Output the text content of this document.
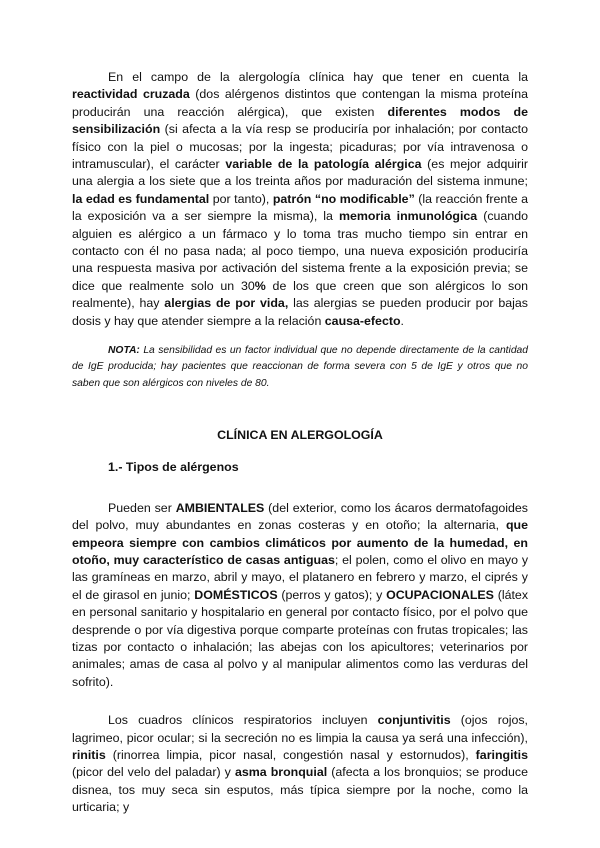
En el campo de la alergología clínica hay que tener en cuenta la reactividad cruzada (dos alérgenos distintos que contengan la misma proteína producirán una reacción alérgica), que existen diferentes modos de sensibilización (si afecta a la vía resp se produciría por inhalación; por contacto físico con la piel o mucosas; por la ingesta; picaduras; por vía intravenosa o intramuscular), el carácter variable de la patología alérgica (es mejor adquirir una alergia a los siete que a los treinta años por maduración del sistema inmune; la edad es fundamental por tanto), patrón “no modificable” (la reacción frente a la exposición va a ser siempre la misma), la memoria inmunológica (cuando alguien es alérgico a un fármaco y lo toma tras mucho tiempo sin entrar en contacto con él no pasa nada; al poco tiempo, una nueva exposición produciría una respuesta masiva por activación del sistema frente a la exposición previa; se dice que realmente solo un 30% de los que creen que son alérgicos lo son realmente), hay alergias de por vida, las alergias se pueden producir por bajas dosis y hay que atender siempre a la relación causa-efecto.

NOTA: La sensibilidad es un factor individual que no depende directamente de la cantidad de IgE producida; hay pacientes que reaccionan de forma severa con 5 de IgE y otros que no saben que son alérgicos con niveles de 80.

CLÍNICA EN ALERGOLOGÍA

1.- Tipos de alérgenos

Pueden ser AMBIENTALES (del exterior, como los ácaros dermatofagoides del polvo, muy abundantes en zonas costeras y en otoño; la alternaria, que empeora siempre con cambios climáticos por aumento de la humedad, en otoño, muy característico de casas antiguas; el polen, como el olivo en mayo y las gramíneas en marzo, abril y mayo, el platanero en febrero y marzo, el ciprés y el de girasol en junio; DOMÉSTICOS (perros y gatos); y OCUPACIONALES (látex en personal sanitario y hospitalario en general por contacto físico, por el polvo que desprende o por vía digestiva porque comparte proteínas con frutas tropicales; las tizas por contacto o inhalación; las abejas con los apicultores; veterinarios por animales; amas de casa al polvo y al manipular alimentos como las verduras del sofrito).

Los cuadros clínicos respiratorios incluyen conjuntivitis (ojos rojos, lagrimeo, picor ocular; si la secreción no es limpia la causa ya será una infección), rinitis (rinorrea limpia, picor nasal, congestión nasal y estornudos), faringitis (picor del velo del paladar) y asma bronquial (afecta a los bronquios; se produce disnea, tos muy seca sin esputos, más típica siempre por la noche, como la urticaria; y
